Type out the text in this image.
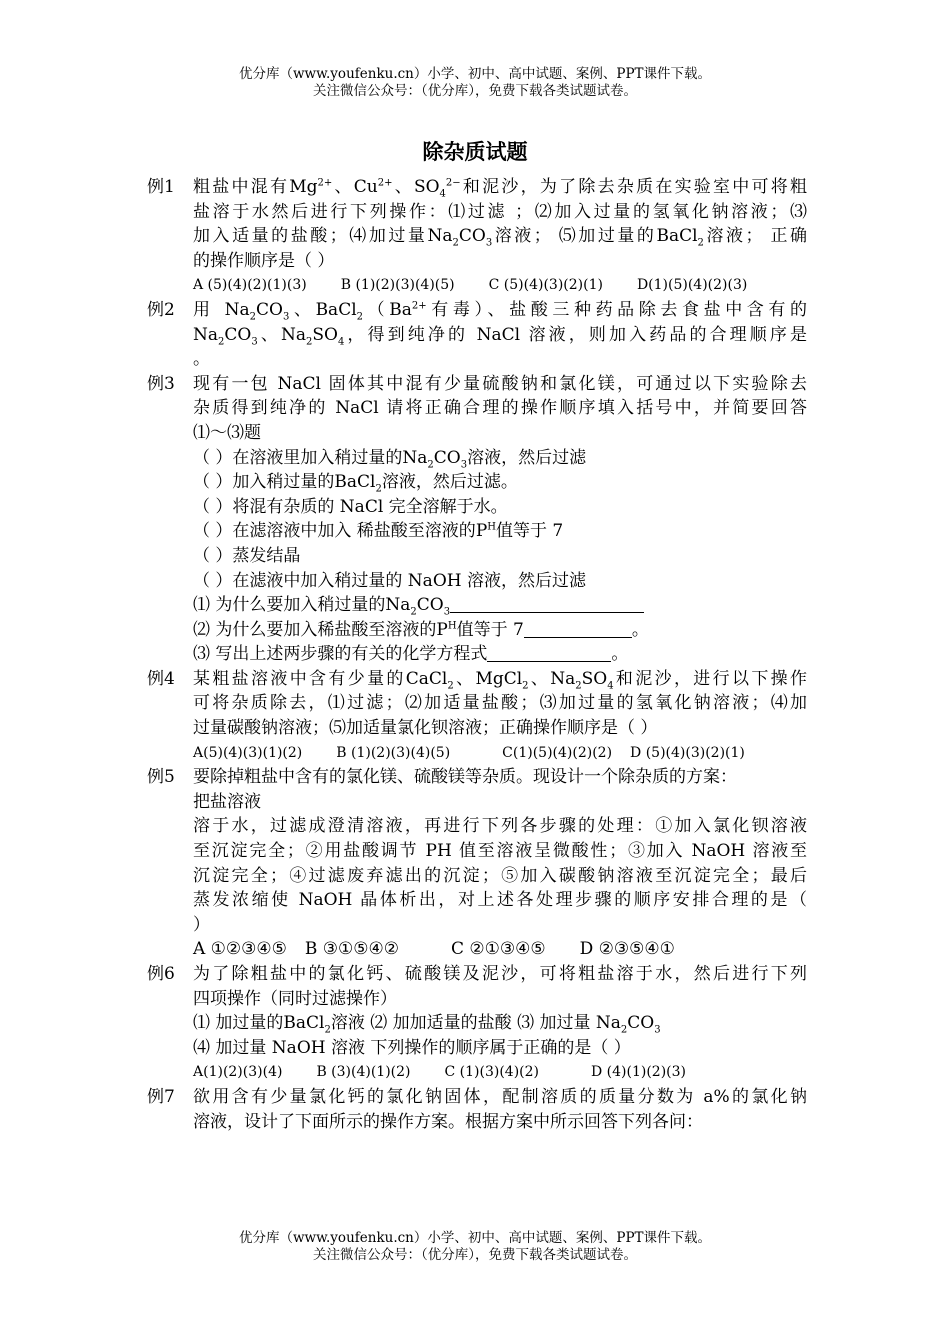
优分库（www.youfenku.cn）小学、初中、高中试题、案例、PPT课件下载。
关注微信公众号：（优分库），免费下载各类试题试卷。
除杂质试题
例1 粗盐中混有$Mg^{2+}$、$Cu^{2+}$、$SO_4^{2-}$和泥沙，为了除去杂质在实验室中可将粗
盐溶于水然后进行下列操作：⑴过滤 ；⑵加入过量的氢氧化钠溶液；⑶
加入适量的盐酸；⑷加过量$Na_2CO_3$溶液； ⑸加过量的BaCl$_2$溶液； 正确
的操作顺序是（ ）
A (5)(4)(2)(1)(3) B (1)(2)(3)(4)(5) C (5)(4)(3)(2)(1) D(1)(5)(4)(2)(3)
例2 用 $Na_2CO_3$、$BaCl_2(Ba^{2+}$有毒）、盐酸三种药品除去食盐中含有的
$Na_2CO_3$、$Na_2SO_4$，得到纯净的 NaCl 溶液，则加入药品的合理顺序是
。
例3 现有一包 NaCl 固体其中混有少量硫酸钠和氯化镁，可通过以下实验除去
杂质得到纯净的 NaCl 请将正确合理的操作顺序填入括号中，并简要回答
⑴～⑶题
（ ）在溶液里加入稍过量的$Na_2CO_3$溶液，然后过滤
（ ）加入稍过量的BaCl$_2$溶液，然后过滤。
（ ）将混有杂质的 NaCl 完全溶解于水。
（ ）在滤溶液中加入 稀盐酸至溶液的$P^H$值等于 7
（ ）蒸发结晶
（ ）在滤液中加入稍过量的 NaOH 溶液，然后过滤
⑴ 为什么要加入稍过量的$Na_2CO_3$
⑵ 为什么要加入稀盐酸至溶液的$P^H$值等于 7	。
⑶ 写出上述两步骤的有关的化学方程式	。
例4 某粗盐溶液中含有少量的CaCl$_2$、MgCl$_2$、$Na_2SO_4$和泥沙，进行以下操作
可将杂质除去，⑴过滤；⑵加适量盐酸；⑶加过量的氢氧化钠溶液；⑷加
过量碳酸钠溶液；⑸加适量氯化钡溶液；正确操作顺序是（ ）
A(5)(4)(3)(1)(2) B (1)(2)(3)(4)(5)	C(1)(5)(4)(2)(2) D (5)(4)(3)(2)(1)
例5 要除掉粗盐中含有的氯化镁、硫酸镁等杂质。现设计一个除杂质的方案：
把盐溶液
溶于水，过滤成澄清溶液，再进行下列各步骤的处理：①加入氯化钡溶液
至沉淀完全；②用盐酸调节 PH 值至溶液呈微酸性；③加入 NaOH 溶液至
沉淀完全；④过滤废弃滤出的沉淀；⑤加入碳酸钠溶液至沉淀完全；最后
蒸发浓缩使 NaOH 晶体析出，对上述各处理步骤的顺序安排合理的是（
）
A ①②③④⑤ B ③①⑤④②	C ②①③④⑤ D ②③⑤④①
例6 为了除粗盐中的氯化钙、硫酸镁及泥沙，可将粗盐溶于水，然后进行下列
四项操作（同时过滤操作）
⑴ 加过量的BaCl$_2$溶液 ⑵ 加加适量的盐酸 ⑶ 加过量 $Na_2CO_3$
⑷ 加过量 NaOH 溶液 下列操作的顺序属于正确的是（ ）
A(1)(2)(3)(4) B (3)(4)(1)(2) C (1)(3)(4)(2)	D (4)(1)(2)(3)
例7 欲用含有少量氯化钙的氯化钠固体，配制溶质的质量分数为 a%的氯化钠
溶液，设计了下面所示的操作方案。根据方案中所示回答下列各问：
优分库（www.youfenku.cn）小学、初中、高中试题、案例、PPT课件下载。
关注微信公众号：（优分库），免费下载各类试题试卷。
